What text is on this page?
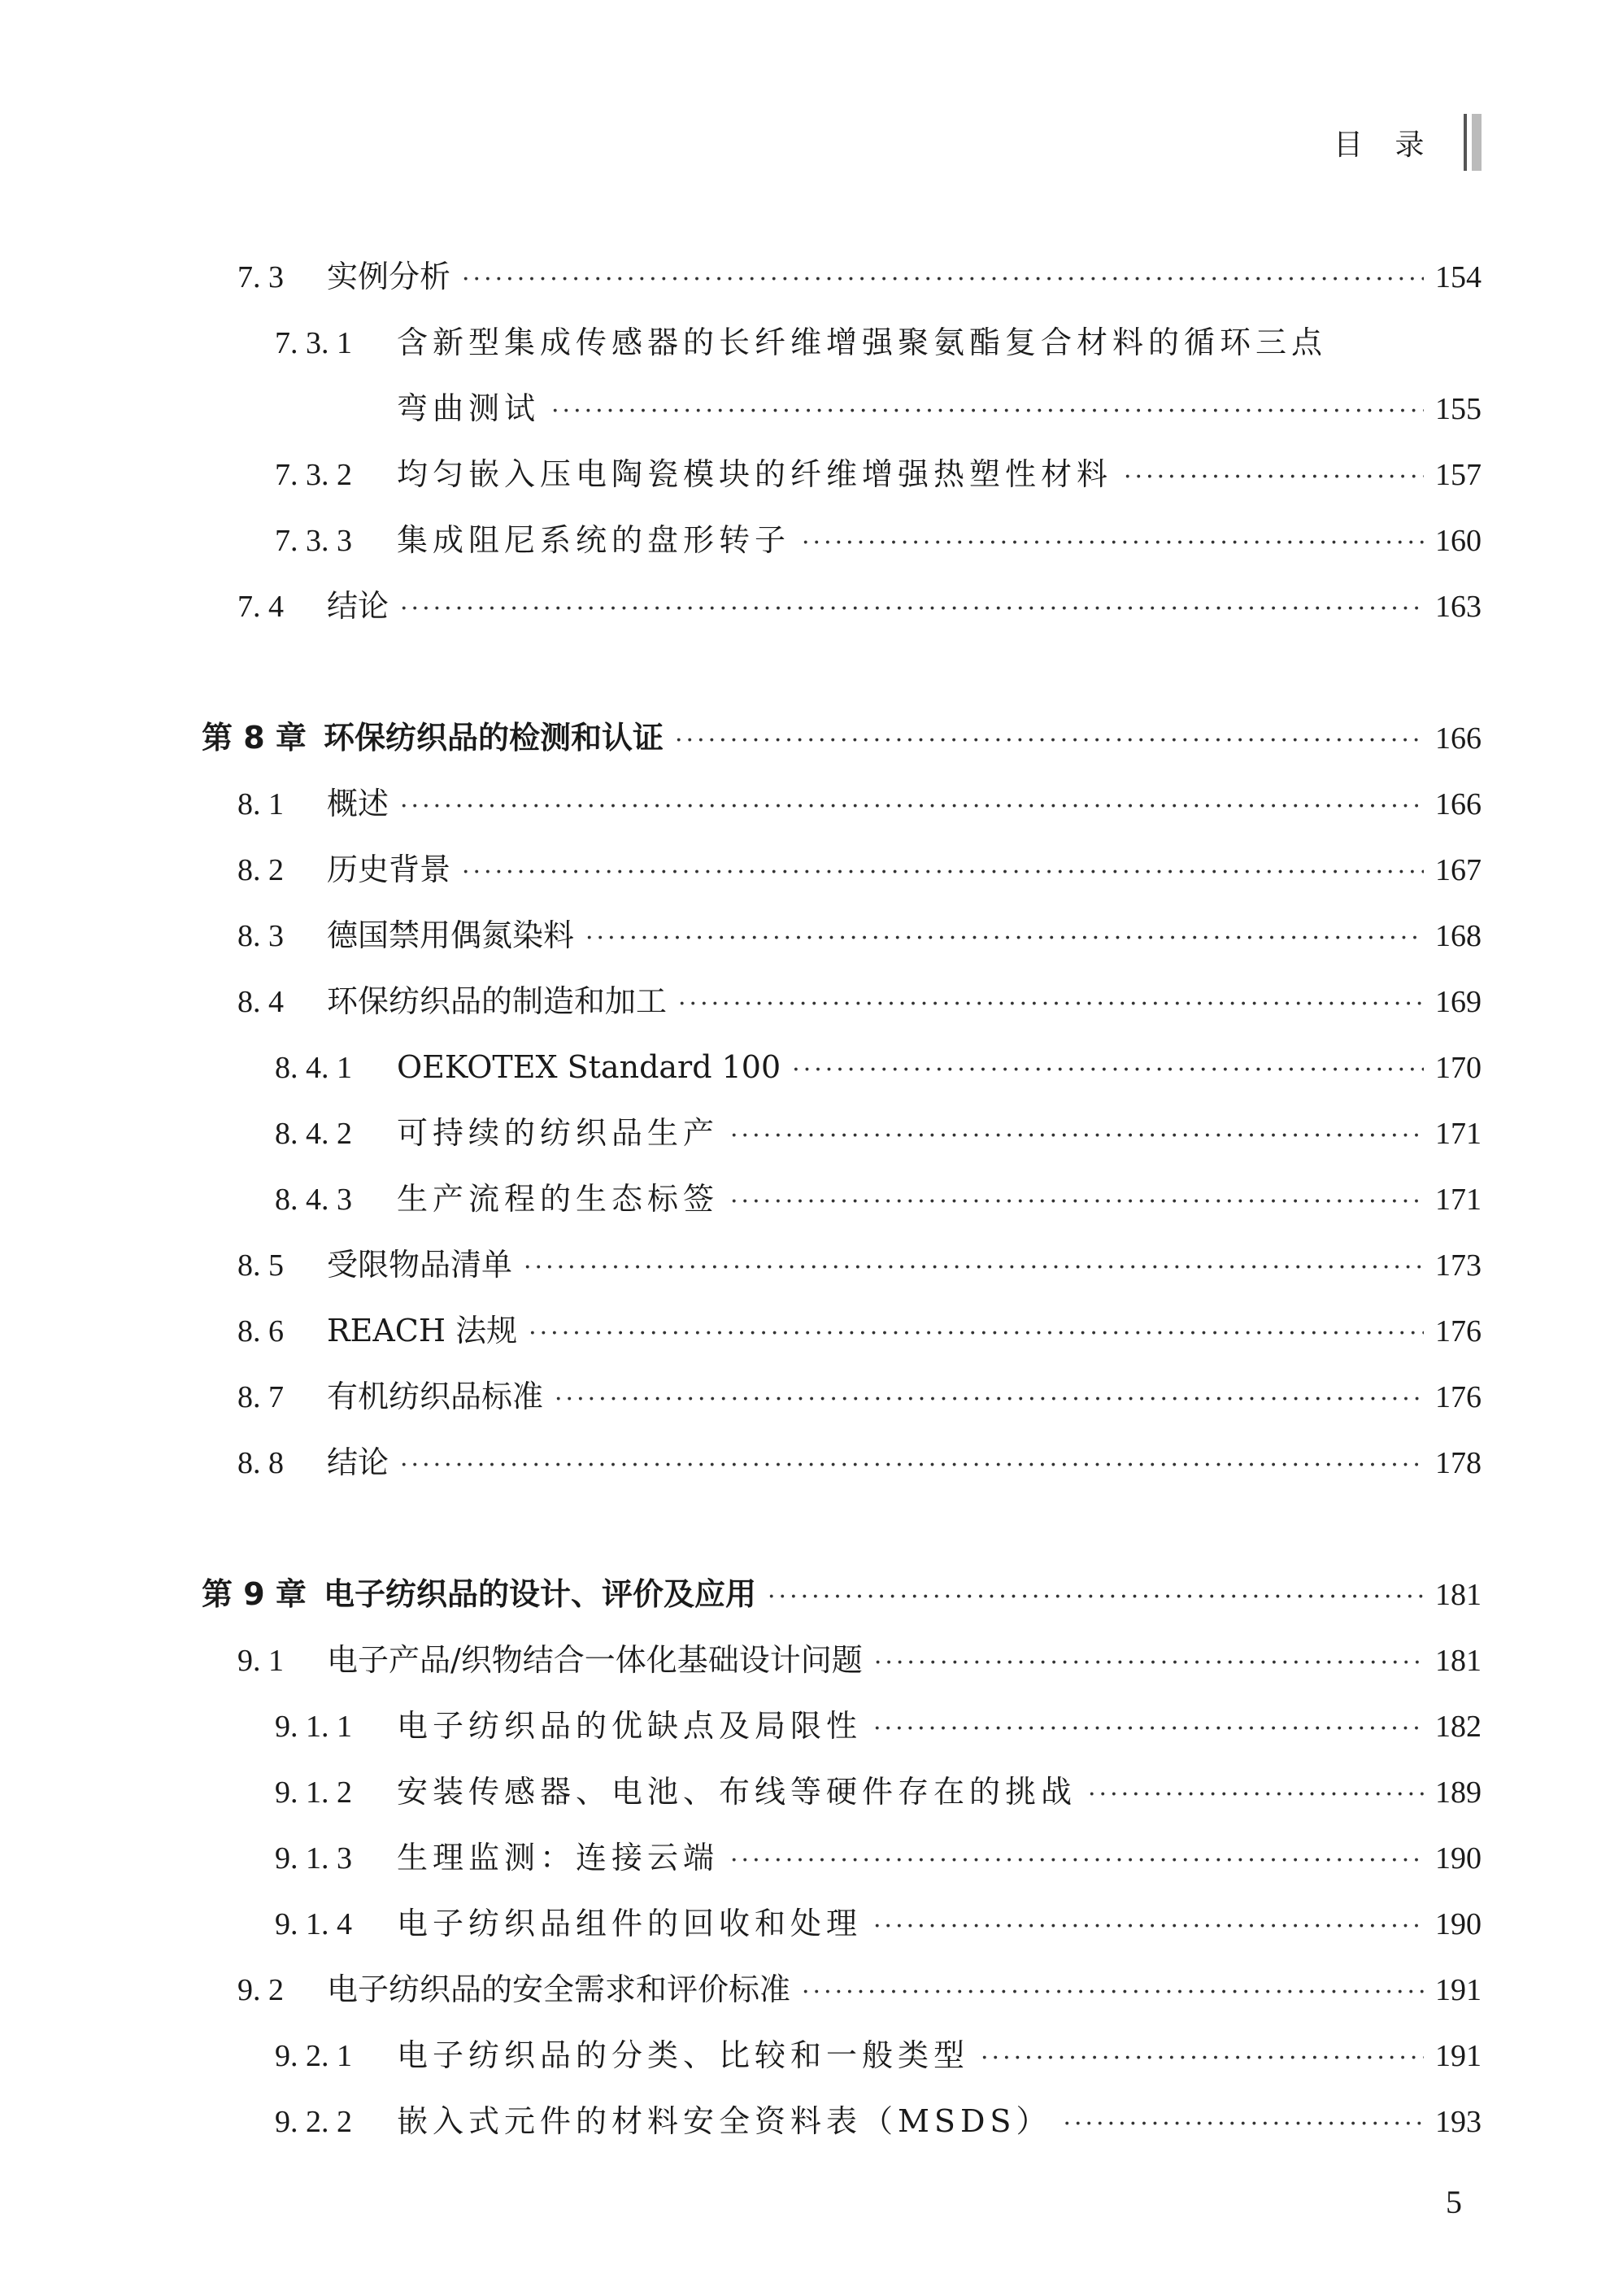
目 录
7. 3	实例分析 ·····	154
7. 3. 1 含新型集成传感器的长纤维增强聚氨酯复合材料的循环三点
弯曲测试 ·····	155
7. 3. 2	均匀嵌入压电陶瓷模块的纤维增强热塑性材料 ·····	157
7. 3. 3	集成阻尼系统的盘形转子 ·····	160
7. 4	结论 ·····	163
第 8 章 环保纺织品的检测和认证 ·····	166
8. 1	概述 ·····	166
8. 2	历史背景 ·····	167
8. 3	德国禁用偶氮染料 ·····	168
8. 4	环保纺织品的制造和加工 ·····	169
8. 4. 1	OEKOTEX Standard 100 ·····	170
8. 4. 2	可持续的纺织品生产 ·····	171
8. 4. 3	生产流程的生态标签 ·····	171
8. 5	受限物品清单 ·····	173
8. 6	REACH 法规 ·····	176
8. 7	有机纺织品标准 ·····	176
8. 8	结论 ·····	178
第 9 章 电子纺织品的设计、评价及应用 ·····	181
9. 1	电子产品/织物结合一体化基础设计问题 ·····	181
9. 1. 1	电子纺织品的优缺点及局限性 ·····	182
9. 1. 2	安装传感器、电池、布线等硬件存在的挑战 ·····	189
9. 1. 3	生理监测：连接云端 ·····	190
9. 1. 4	电子纺织品组件的回收和处理 ·····	190
9. 2	电子纺织品的安全需求和评价标准 ·····	191
9. 2. 1	电子纺织品的分类、比较和一般类型 ·····	191
9. 2. 2	嵌入式元件的材料安全资料表（MSDS） ·····	193
5
